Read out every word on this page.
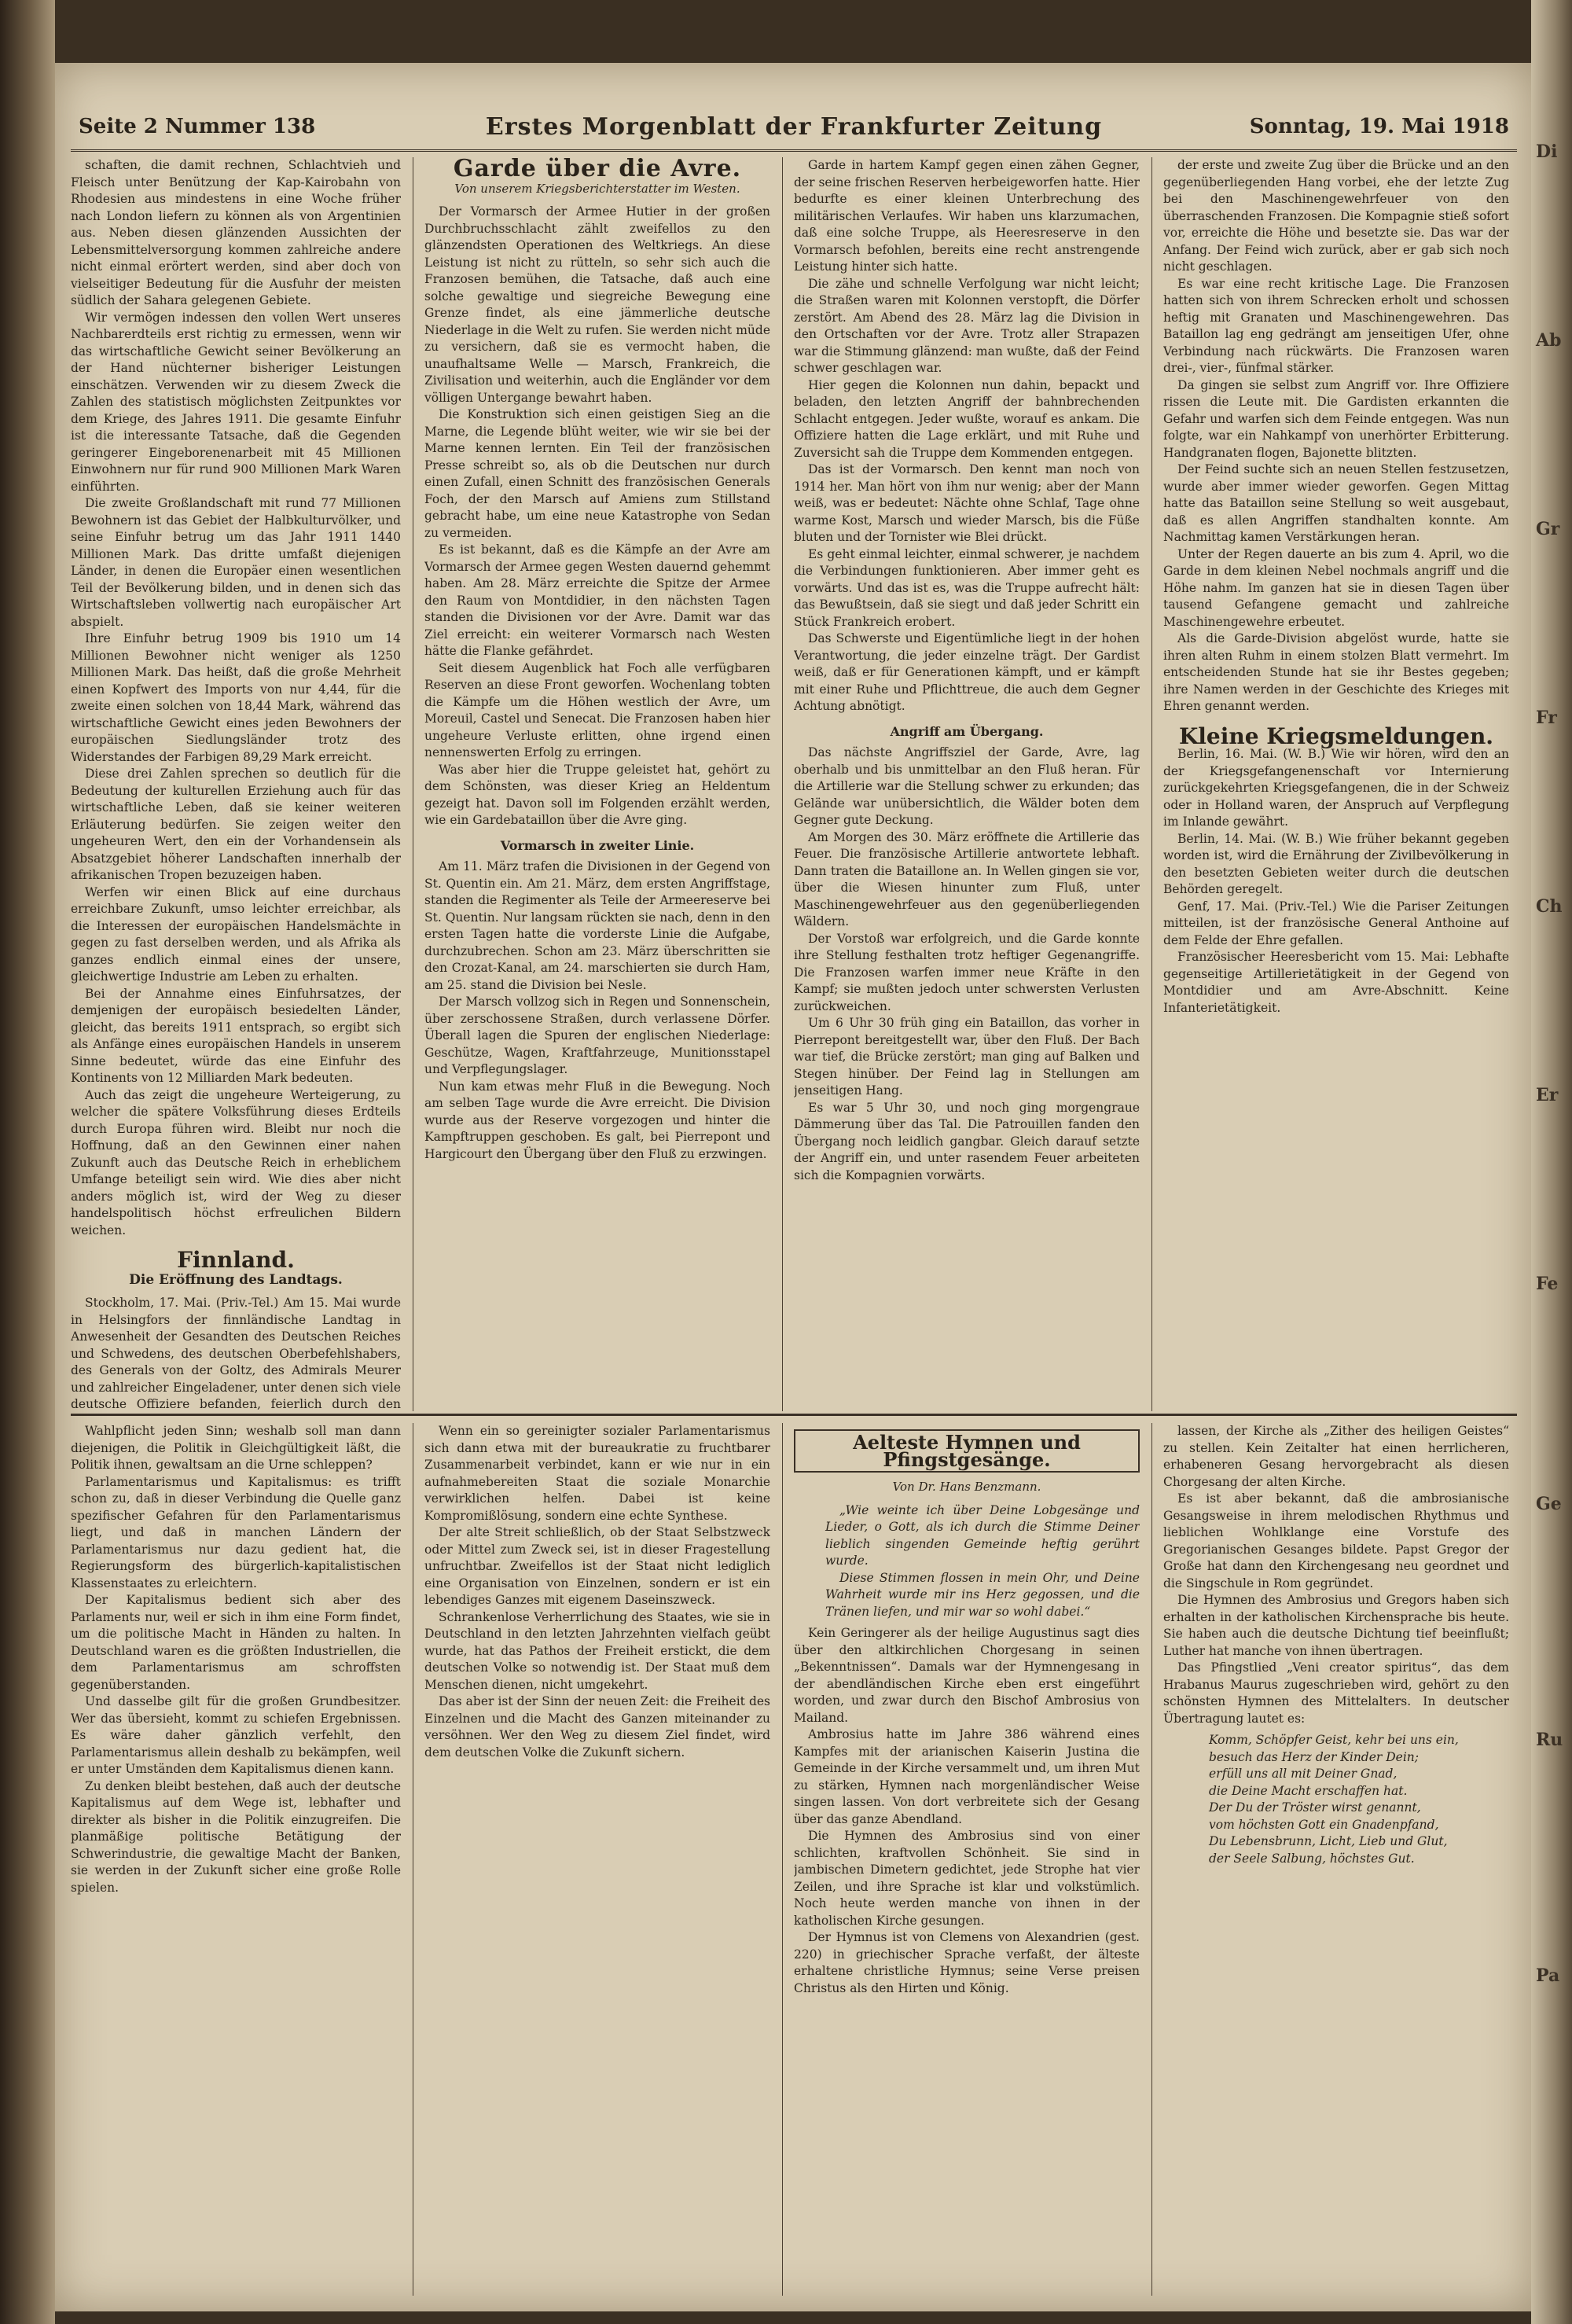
Seite 2 Nummer 138	Erstes Morgenblatt der Frankfurter Zeitung	Sonntag, 19. Mai 1918

schaften, die damit rechnen, Schlachtvieh und Fleisch unter Benützung der Kap-Kairobahn von Rhodesien aus mindestens in eine Woche früher nach London liefern zu können als von Argentinien aus. Neben diesen glänzenden Aussichten der Lebensmittelversorgung kommen zahlreiche andere nicht einmal erörtert werden, sind aber doch von vielseitiger Bedeutung für die Ausfuhr der meisten südlich der Sahara gelegenen Gebiete.

Wir vermögen indessen den vollen Wert unseres Nachbarerdteils erst richtig zu ermessen, wenn wir das wirtschaftliche Gewicht seiner Bevölkerung an der Hand nüchterner bisheriger Leistungen einschätzen. Verwenden wir zu diesem Zweck die Zahlen des statistisch möglichsten Zeitpunktes vor dem Kriege, des Jahres 1911. Die gesamte Einfuhr ist die interessante Tatsache, daß die Gegenden geringerer Eingeborenenarbeit mit 45 Millionen Einwohnern nur für rund 900 Millionen Mark Waren einführten.

Die zweite Großlandschaft mit rund 77 Millionen Bewohnern ist das Gebiet der Halbkulturvölker, und seine Einfuhr betrug um das Jahr 1911 1440 Millionen Mark. Das dritte umfaßt diejenigen Länder, in denen die Europäer einen wesentlichen Teil der Bevölkerung bilden, und in denen sich das Wirtschaftsleben vollwertig nach europäischer Art abspielt.

Ihre Einfuhr betrug 1909 bis 1910 um 14 Millionen Bewohner nicht weniger als 1250 Millionen Mark. Das heißt, daß die große Mehrheit einen Kopfwert des Imports von nur 4,44, für die zweite einen solchen von 18,44 Mark, während das wirtschaftliche Gewicht eines jeden Bewohners der europäischen Siedlungsländer trotz des Widerstandes der Farbigen 89,29 Mark erreicht.

Diese drei Zahlen sprechen so deutlich für die Bedeutung der kulturellen Erziehung auch für das wirtschaftliche Leben, daß sie keiner weiteren Erläuterung bedürfen. Sie zeigen weiter den ungeheuren Wert, den ein der Vorhandensein als Absatzgebiet höherer Landschaften innerhalb der afrikanischen Tropen bezuzeigen haben.

Werfen wir einen Blick auf eine durchaus erreichbare Zukunft, umso leichter erreichbar, als die Interessen der europäischen Handelsmächte in gegen zu fast derselben werden, und als Afrika als ganzes endlich einmal eines der unsere, gleichwertige Industrie am Leben zu erhalten.

Bei der Annahme eines Einfuhrsatzes, der demjenigen der europäisch besiedelten Länder, gleicht, das bereits 1911 entsprach, so ergibt sich als Anfänge eines europäischen Handels in unserem Sinne bedeutet, würde das eine Einfuhr des Kontinents von 12 Milliarden Mark bedeuten.

Auch das zeigt die ungeheure Werteigerung, zu welcher die spätere Volksführung dieses Erdteils durch Europa führen wird. Bleibt nur noch die Hoffnung, daß an den Gewinnen einer nahen Zukunft auch das Deutsche Reich in erheblichem Umfange beteiligt sein wird. Wie dies aber nicht anders möglich ist, wird der Weg zu dieser handelspolitisch höchst erfreulichen Bildern weichen.

Finnland.
Die Eröffnung des Landtags.

Stockholm, 17. Mai. (Priv.-Tel.) Am 15. Mai wurde in Helsingfors der finnländische Landtag in Anwesenheit der Gesandten des Deutschen Reiches und Schwedens, des deutschen Oberbefehlshabers, des Generals von der Goltz, des Admirals Meurer und zahlreicher Eingeladener, unter denen sich viele deutsche Offiziere befanden, feierlich durch den

Garde über die Avre.
Von unserem Kriegsberichterstatter im Westen.

Der Vormarsch der Armee Hutier in der großen Durchbruchsschlacht zählt zweifellos zu den glänzendsten Operationen des Weltkriegs. An diese Leistung ist nicht zu rütteln, so sehr sich auch die Franzosen bemühen, die Tatsache, daß auch eine solche gewaltige und siegreiche Bewegung eine Grenze findet, als eine jämmerliche deutsche Niederlage in die Welt zu rufen. Sie werden nicht müde zu versichern, daß sie es vermocht haben, die unaufhaltsame Welle — Marsch, Frankreich, die Zivilisation und weiterhin, auch die Engländer vor dem völligen Untergange bewahrt haben.

Die Konstruktion sich einen geistigen Sieg an die Marne, die Legende blüht weiter, wie wir sie bei der Marne kennen lernten. Ein Teil der französischen Presse schreibt so, als ob die Deutschen nur durch einen Zufall, einen Schnitt des französischen Generals Foch, der den Marsch auf Amiens zum Stillstand gebracht habe, um eine neue Katastrophe von Sedan zu vermeiden.

Es ist bekannt, daß es die Kämpfe an der Avre am Vormarsch der Armee gegen Westen dauernd gehemmt haben. Am 28. März erreichte die Spitze der Armee den Raum von Montdidier, in den nächsten Tagen standen die Divisionen vor der Avre. Damit war das Ziel erreicht: ein weiterer Vormarsch nach Westen hätte die Flanke gefährdet.

Seit diesem Augenblick hat Foch alle verfügbaren Reserven an diese Front geworfen. Wochenlang tobten die Kämpfe um die Höhen westlich der Avre, um Moreuil, Castel und Senecat. Die Franzosen haben hier ungeheure Verluste erlitten, ohne irgend einen nennenswerten Erfolg zu erringen.

Was aber hier die Truppe geleistet hat, gehört zu dem Schönsten, was dieser Krieg an Heldentum gezeigt hat. Davon soll im Folgenden erzählt werden, wie ein Gardebataillon über die Avre ging.

Vormarsch in zweiter Linie.

Am 11. März trafen die Divisionen in der Gegend von St. Quentin ein. Am 21. März, dem ersten Angriffstage, standen die Regimenter als Teile der Armeereserve bei St. Quentin. Nur langsam rückten sie nach, denn in den ersten Tagen hatte die vorderste Linie die Aufgabe, durchzubrechen. Schon am 23. März überschritten sie den Crozat-Kanal, am 24. marschierten sie durch Ham, am 25. stand die Division bei Nesle.

Der Marsch vollzog sich in Regen und Sonnenschein, über zerschossene Straßen, durch verlassene Dörfer. Überall lagen die Spuren der englischen Niederlage: Geschütze, Wagen, Kraftfahrzeuge, Munitionsstapel und Verpflegungslager.

Nun kam etwas mehr Fluß in die Bewegung. Noch am selben Tage wurde die Avre erreicht. Die Division wurde aus der Reserve vorgezogen und hinter die Kampftruppen geschoben. Es galt, bei Pierrepont und Hargicourt den Übergang über den Fluß zu erzwingen.

Garde in hartem Kampf gegen einen zähen Gegner, der seine frischen Reserven herbeigeworfen hatte. Hier bedurfte es einer kleinen Unterbrechung des militärischen Verlaufes. Wir haben uns klarzumachen, daß eine solche Truppe, als Heeresreserve in den Vormarsch befohlen, bereits eine recht anstrengende Leistung hinter sich hatte.

Die zähe und schnelle Verfolgung war nicht leicht; die Straßen waren mit Kolonnen verstopft, die Dörfer zerstört. Am Abend des 28. März lag die Division in den Ortschaften vor der Avre. Trotz aller Strapazen war die Stimmung glänzend: man wußte, daß der Feind schwer geschlagen war.

Hier gegen die Kolonnen nun dahin, bepackt und beladen, den letzten Angriff der bahnbrechenden Schlacht entgegen. Jeder wußte, worauf es ankam. Die Offiziere hatten die Lage erklärt, und mit Ruhe und Zuversicht sah die Truppe dem Kommenden entgegen.

Das ist der Vormarsch. Den kennt man noch von 1914 her. Man hört von ihm nur wenig; aber der Mann weiß, was er bedeutet: Nächte ohne Schlaf, Tage ohne warme Kost, Marsch und wieder Marsch, bis die Füße bluten und der Tornister wie Blei drückt.

Es geht einmal leichter, einmal schwerer, je nachdem die Verbindungen funktionieren. Aber immer geht es vorwärts. Und das ist es, was die Truppe aufrecht hält: das Bewußtsein, daß sie siegt und daß jeder Schritt ein Stück Frankreich erobert.

Das Schwerste und Eigentümliche liegt in der hohen Verantwortung, die jeder einzelne trägt. Der Gardist weiß, daß er für Generationen kämpft, und er kämpft mit einer Ruhe und Pflichttreue, die auch dem Gegner Achtung abnötigt.

Angriff am Übergang.

Das nächste Angriffsziel der Garde, Avre, lag oberhalb und bis unmittelbar an den Fluß heran. Für die Artillerie war die Stellung schwer zu erkunden; das Gelände war unübersichtlich, die Wälder boten dem Gegner gute Deckung.

Am Morgen des 30. März eröffnete die Artillerie das Feuer. Die französische Artillerie antwortete lebhaft. Dann traten die Bataillone an. In Wellen gingen sie vor, über die Wiesen hinunter zum Fluß, unter Maschinengewehrfeuer aus den gegenüberliegenden Wäldern.

Der Vorstoß war erfolgreich, und die Garde konnte ihre Stellung festhalten trotz heftiger Gegenangriffe. Die Franzosen warfen immer neue Kräfte in den Kampf; sie mußten jedoch unter schwersten Verlusten zurückweichen.

Um 6 Uhr 30 früh ging ein Bataillon, das vorher in Pierrepont bereitgestellt war, über den Fluß. Der Bach war tief, die Brücke zerstört; man ging auf Balken und Stegen hinüber. Der Feind lag in Stellungen am jenseitigen Hang.

Es war 5 Uhr 30, und noch ging morgengraue Dämmerung über das Tal. Die Patrouillen fanden den Übergang noch leidlich gangbar. Gleich darauf setzte der Angriff ein, und unter rasendem Feuer arbeiteten sich die Kompagnien vorwärts.

der erste und zweite Zug über die Brücke und an den gegenüberliegenden Hang vorbei, ehe der letzte Zug bei den Maschinengewehrfeuer von den überraschenden Franzosen. Die Kompagnie stieß sofort vor, erreichte die Höhe und besetzte sie. Das war der Anfang. Der Feind wich zurück, aber er gab sich noch nicht geschlagen.

Es war eine recht kritische Lage. Die Franzosen hatten sich von ihrem Schrecken erholt und schossen heftig mit Granaten und Maschinengewehren. Das Bataillon lag eng gedrängt am jenseitigen Ufer, ohne Verbindung nach rückwärts. Die Franzosen waren drei-, vier-, fünfmal stärker.

Da gingen sie selbst zum Angriff vor. Ihre Offiziere rissen die Leute mit. Die Gardisten erkannten die Gefahr und warfen sich dem Feinde entgegen. Was nun folgte, war ein Nahkampf von unerhörter Erbitterung. Handgranaten flogen, Bajonette blitzten.

Der Feind suchte sich an neuen Stellen festzusetzen, wurde aber immer wieder geworfen. Gegen Mittag hatte das Bataillon seine Stellung so weit ausgebaut, daß es allen Angriffen standhalten konnte. Am Nachmittag kamen Verstärkungen heran.

Unter der Regen dauerte an bis zum 4. April, wo die Garde in dem kleinen Nebel nochmals angriff und die Höhe nahm. Im ganzen hat sie in diesen Tagen über tausend Gefangene gemacht und zahlreiche Maschinengewehre erbeutet.

Als die Garde-Division abgelöst wurde, hatte sie ihren alten Ruhm in einem stolzen Blatt vermehrt. Im entscheidenden Stunde hat sie ihr Bestes gegeben; ihre Namen werden in der Geschichte des Krieges mit Ehren genannt werden.

Kleine Kriegsmeldungen.

Berlin, 16. Mai. (W. B.) Wie wir hören, wird den an der Kriegsgefangenenschaft vor Internierung zurückgekehrten Kriegsgefangenen, die in der Schweiz oder in Holland waren, der Anspruch auf Verpflegung im Inlande gewährt.

Berlin, 14. Mai. (W. B.) Wie früher bekannt gegeben worden ist, wird die Ernährung der Zivilbevölkerung in den besetzten Gebieten weiter durch die deutschen Behörden geregelt.

Genf, 17. Mai. (Priv.-Tel.) Wie die Pariser Zeitungen mitteilen, ist der französische General Anthoine auf dem Felde der Ehre gefallen.

Französischer Heeresbericht vom 15. Mai: Lebhafte gegenseitige Artillerietätigkeit in der Gegend von Montdidier und am Avre-Abschnitt. Keine Infanterietätigkeit.

Wahlpflicht jeden Sinn; weshalb soll man dann diejenigen, die Politik in Gleichgültigkeit läßt, die Politik ihnen, gewaltsam an die Urne schleppen?

Parlamentarismus und Kapitalismus: es trifft schon zu, daß in dieser Verbindung die Quelle ganz spezifischer Gefahren für den Parlamentarismus liegt, und daß in manchen Ländern der Parlamentarismus nur dazu gedient hat, die Regierungsform des bürgerlich-kapitalistischen Klassenstaates zu erleichtern.

Der Kapitalismus bedient sich aber des Parlaments nur, weil er sich in ihm eine Form findet, um die politische Macht in Händen zu halten. In Deutschland waren es die größten Industriellen, die dem Parlamentarismus am schroffsten gegenüberstanden.

Und dasselbe gilt für die großen Grundbesitzer. Wer das übersieht, kommt zu schiefen Ergebnissen. Es wäre daher gänzlich verfehlt, den Parlamentarismus allein deshalb zu bekämpfen, weil er unter Umständen dem Kapitalismus dienen kann.

Zu denken bleibt bestehen, daß auch der deutsche Kapitalismus auf dem Wege ist, lebhafter und direkter als bisher in die Politik einzugreifen. Die planmäßige politische Betätigung der Schwerindustrie, die gewaltige Macht der Banken, sie werden in der Zukunft sicher eine große Rolle spielen.

Wenn ein so gereinigter sozialer Parlamentarismus sich dann etwa mit der bureaukratie zu fruchtbarer Zusammenarbeit verbindet, kann er wie nur in ein aufnahmebereiten Staat die soziale Monarchie verwirklichen helfen. Dabei ist keine Kompromißlösung, sondern eine echte Synthese.

Der alte Streit schließlich, ob der Staat Selbstzweck oder Mittel zum Zweck sei, ist in dieser Fragestellung unfruchtbar. Zweifellos ist der Staat nicht lediglich eine Organisation von Einzelnen, sondern er ist ein lebendiges Ganzes mit eigenem Daseinszweck.

Schrankenlose Verherrlichung des Staates, wie sie in Deutschland in den letzten Jahrzehnten vielfach geübt wurde, hat das Pathos der Freiheit erstickt, die dem deutschen Volke so notwendig ist. Der Staat muß dem Menschen dienen, nicht umgekehrt.

Das aber ist der Sinn der neuen Zeit: die Freiheit des Einzelnen und die Macht des Ganzen miteinander zu versöhnen. Wer den Weg zu diesem Ziel findet, wird dem deutschen Volke die Zukunft sichern.

Aelteste Hymnen und Pfingstgesänge.
Von Dr. Hans Benzmann.

„Wie weinte ich über Deine Lobgesänge und Lieder, o Gott, als ich durch die Stimme Deiner lieblich singenden Gemeinde heftig gerührt wurde.

Diese Stimmen flossen in mein Ohr, und Deine Wahrheit wurde mir ins Herz gegossen, und die Tränen liefen, und mir war so wohl dabei.“

Kein Geringerer als der heilige Augustinus sagt dies über den altkirchlichen Chorgesang in seinen „Bekenntnissen“. Damals war der Hymnengesang in der abendländischen Kirche eben erst eingeführt worden, und zwar durch den Bischof Ambrosius von Mailand.

Ambrosius hatte im Jahre 386 während eines Kampfes mit der arianischen Kaiserin Justina die Gemeinde in der Kirche versammelt und, um ihren Mut zu stärken, Hymnen nach morgenländischer Weise singen lassen. Von dort verbreitete sich der Gesang über das ganze Abendland.

Die Hymnen des Ambrosius sind von einer schlichten, kraftvollen Schönheit. Sie sind in jambischen Dimetern gedichtet, jede Strophe hat vier Zeilen, und ihre Sprache ist klar und volkstümlich. Noch heute werden manche von ihnen in der katholischen Kirche gesungen.

Der Hymnus ist von Clemens von Alexandrien (gest. 220) in griechischer Sprache verfaßt, der älteste erhaltene christliche Hymnus; seine Verse preisen Christus als den Hirten und König.

lassen, der Kirche als „Zither des heiligen Geistes“ zu stellen. Kein Zeitalter hat einen herrlicheren, erhabeneren Gesang hervorgebracht als diesen Chorgesang der alten Kirche.

Es ist aber bekannt, daß die ambrosianische Gesangsweise in ihrem melodischen Rhythmus und lieblichen Wohlklange eine Vorstufe des Gregorianischen Gesanges bildete. Papst Gregor der Große hat dann den Kirchengesang neu geordnet und die Singschule in Rom gegründet.

Die Hymnen des Ambrosius und Gregors haben sich erhalten in der katholischen Kirchensprache bis heute. Sie haben auch die deutsche Dichtung tief beeinflußt; Luther hat manche von ihnen übertragen.

Das Pfingstlied „Veni creator spiritus“, das dem Hrabanus Maurus zugeschrieben wird, gehört zu den schönsten Hymnen des Mittelalters. In deutscher Übertragung lautet es:

Komm, Schöpfer Geist, kehr bei uns ein,

besuch das Herz der Kinder Dein;

erfüll uns all mit Deiner Gnad,

die Deine Macht erschaffen hat.

Der Du der Tröster wirst genannt,

vom höchsten Gott ein Gnadenpfand,

Du Lebensbrunn, Licht, Lieb und Glut,

der Seele Salbung, höchstes Gut.

Di
Ab
Gr
Fr
Ch
Er
Fe
Ge
Ru
Pa
